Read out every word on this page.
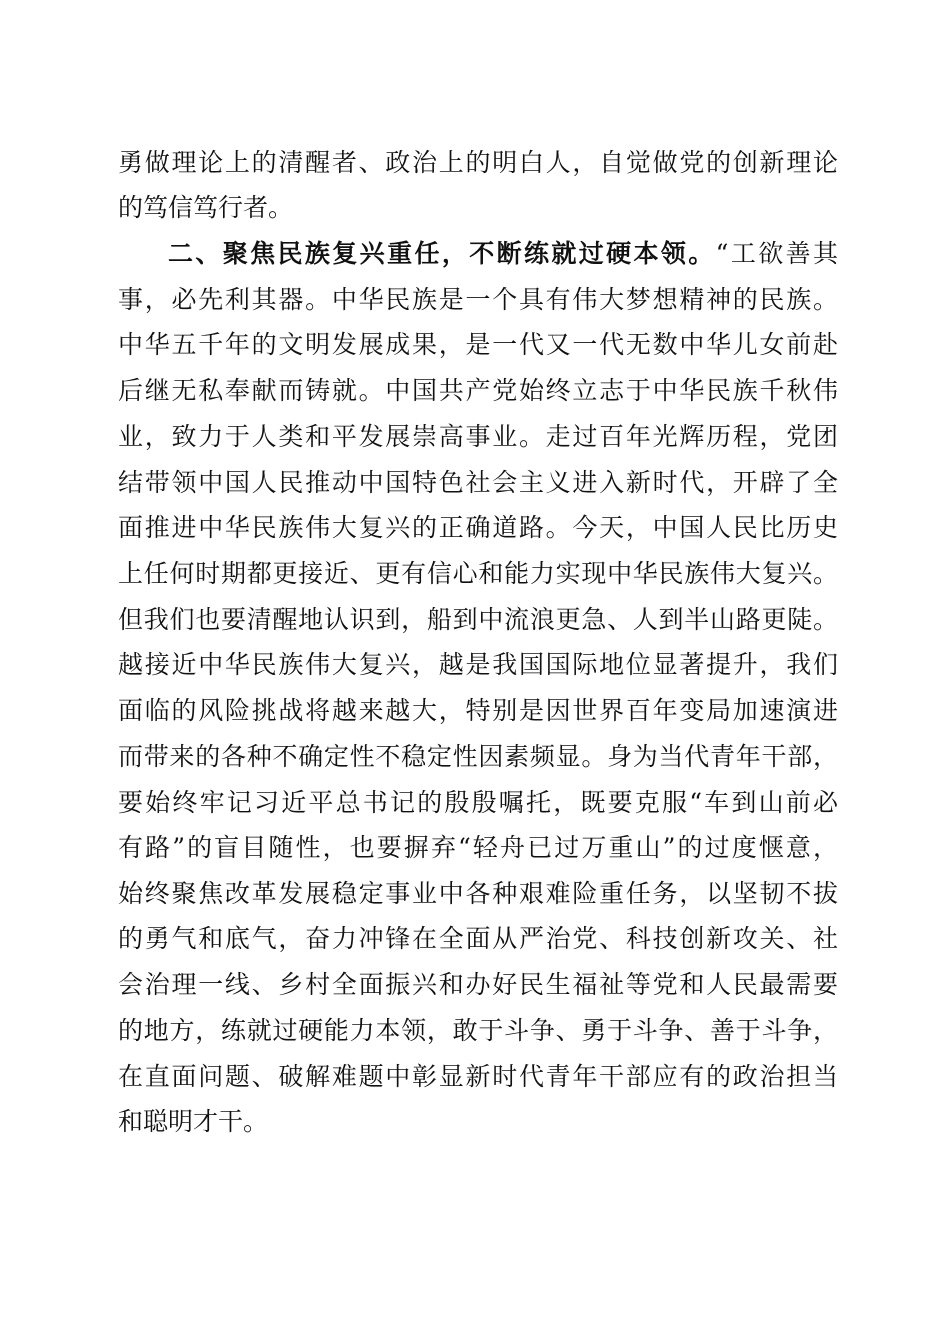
勇做理论上的清醒者、政治上的明白人，自觉做党的创新理论
的笃信笃行者。
二、聚焦民族复兴重任，不断练就过硬本领。“工欲善其
事，必先利其器。中华民族是一个具有伟大梦想精神的民族。
中华五千年的文明发展成果，是一代又一代无数中华儿女前赴
后继无私奉献而铸就。中国共产党始终立志于中华民族千秋伟
业，致力于人类和平发展崇高事业。走过百年光辉历程，党团
结带领中国人民推动中国特色社会主义进入新时代，开辟了全
面推进中华民族伟大复兴的正确道路。今天，中国人民比历史
上任何时期都更接近、更有信心和能力实现中华民族伟大复兴。
但我们也要清醒地认识到，船到中流浪更急、人到半山路更陡。
越接近中华民族伟大复兴，越是我国国际地位显著提升，我们
面临的风险挑战将越来越大，特别是因世界百年变局加速演进
而带来的各种不确定性不稳定性因素频显。身为当代青年干部，
要始终牢记习近平总书记的殷殷嘱托，既要克服“车到山前必
有路”的盲目随性，也要摒弃“轻舟已过万重山”的过度惬意，
始终聚焦改革发展稳定事业中各种艰难险重任务，以坚韧不拔
的勇气和底气，奋力冲锋在全面从严治党、科技创新攻关、社
会治理一线、乡村全面振兴和办好民生福祉等党和人民最需要
的地方，练就过硬能力本领，敢于斗争、勇于斗争、善于斗争，
在直面问题、破解难题中彰显新时代青年干部应有的政治担当
和聪明才干。
